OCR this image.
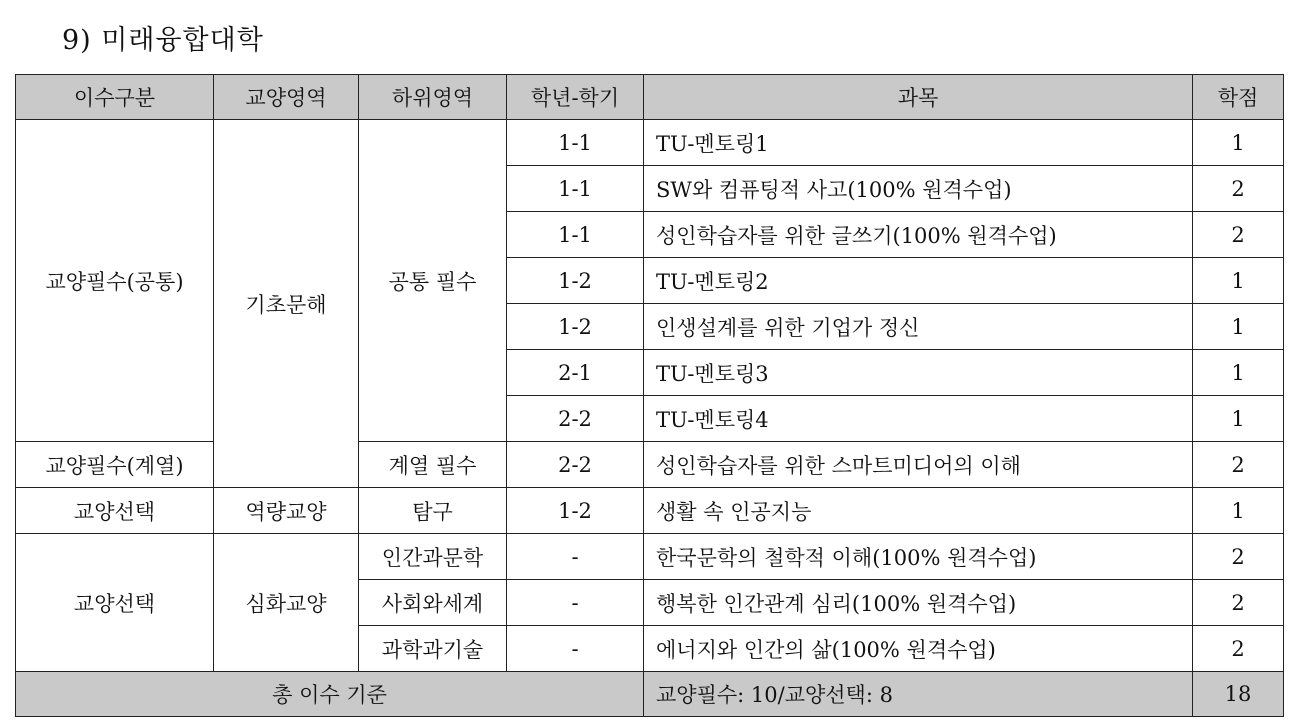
9) 미래융합대학
이수구분	교양영역	하위영역	학년-학기	과목	학점
교양필수(공통)	기초문해	공통 필수	1-1	TU-멘토링1	1
			1-1	SW와 컴퓨팅적 사고(100% 원격수업)	2
			1-1	성인학습자를 위한 글쓰기(100% 원격수업)	2
			1-2	TU-멘토링2	1
			1-2	인생설계를 위한 기업가 정신	1
			2-1	TU-멘토링3	1
			2-2	TU-멘토링4	1
교양필수(계열)		계열 필수	2-2	성인학습자를 위한 스마트미디어의 이해	2
교양선택	역량교양	탐구	1-2	생활 속 인공지능	1
교양선택	심화교양	인간과문학	-	한국문학의 철학적 이해(100% 원격수업)	2
		사회와세계	-	행복한 인간관계 심리(100% 원격수업)	2
		과학과기술	-	에너지와 인간의 삶(100% 원격수업)	2
총 이수 기준				교양필수: 10/교양선택: 8	18
